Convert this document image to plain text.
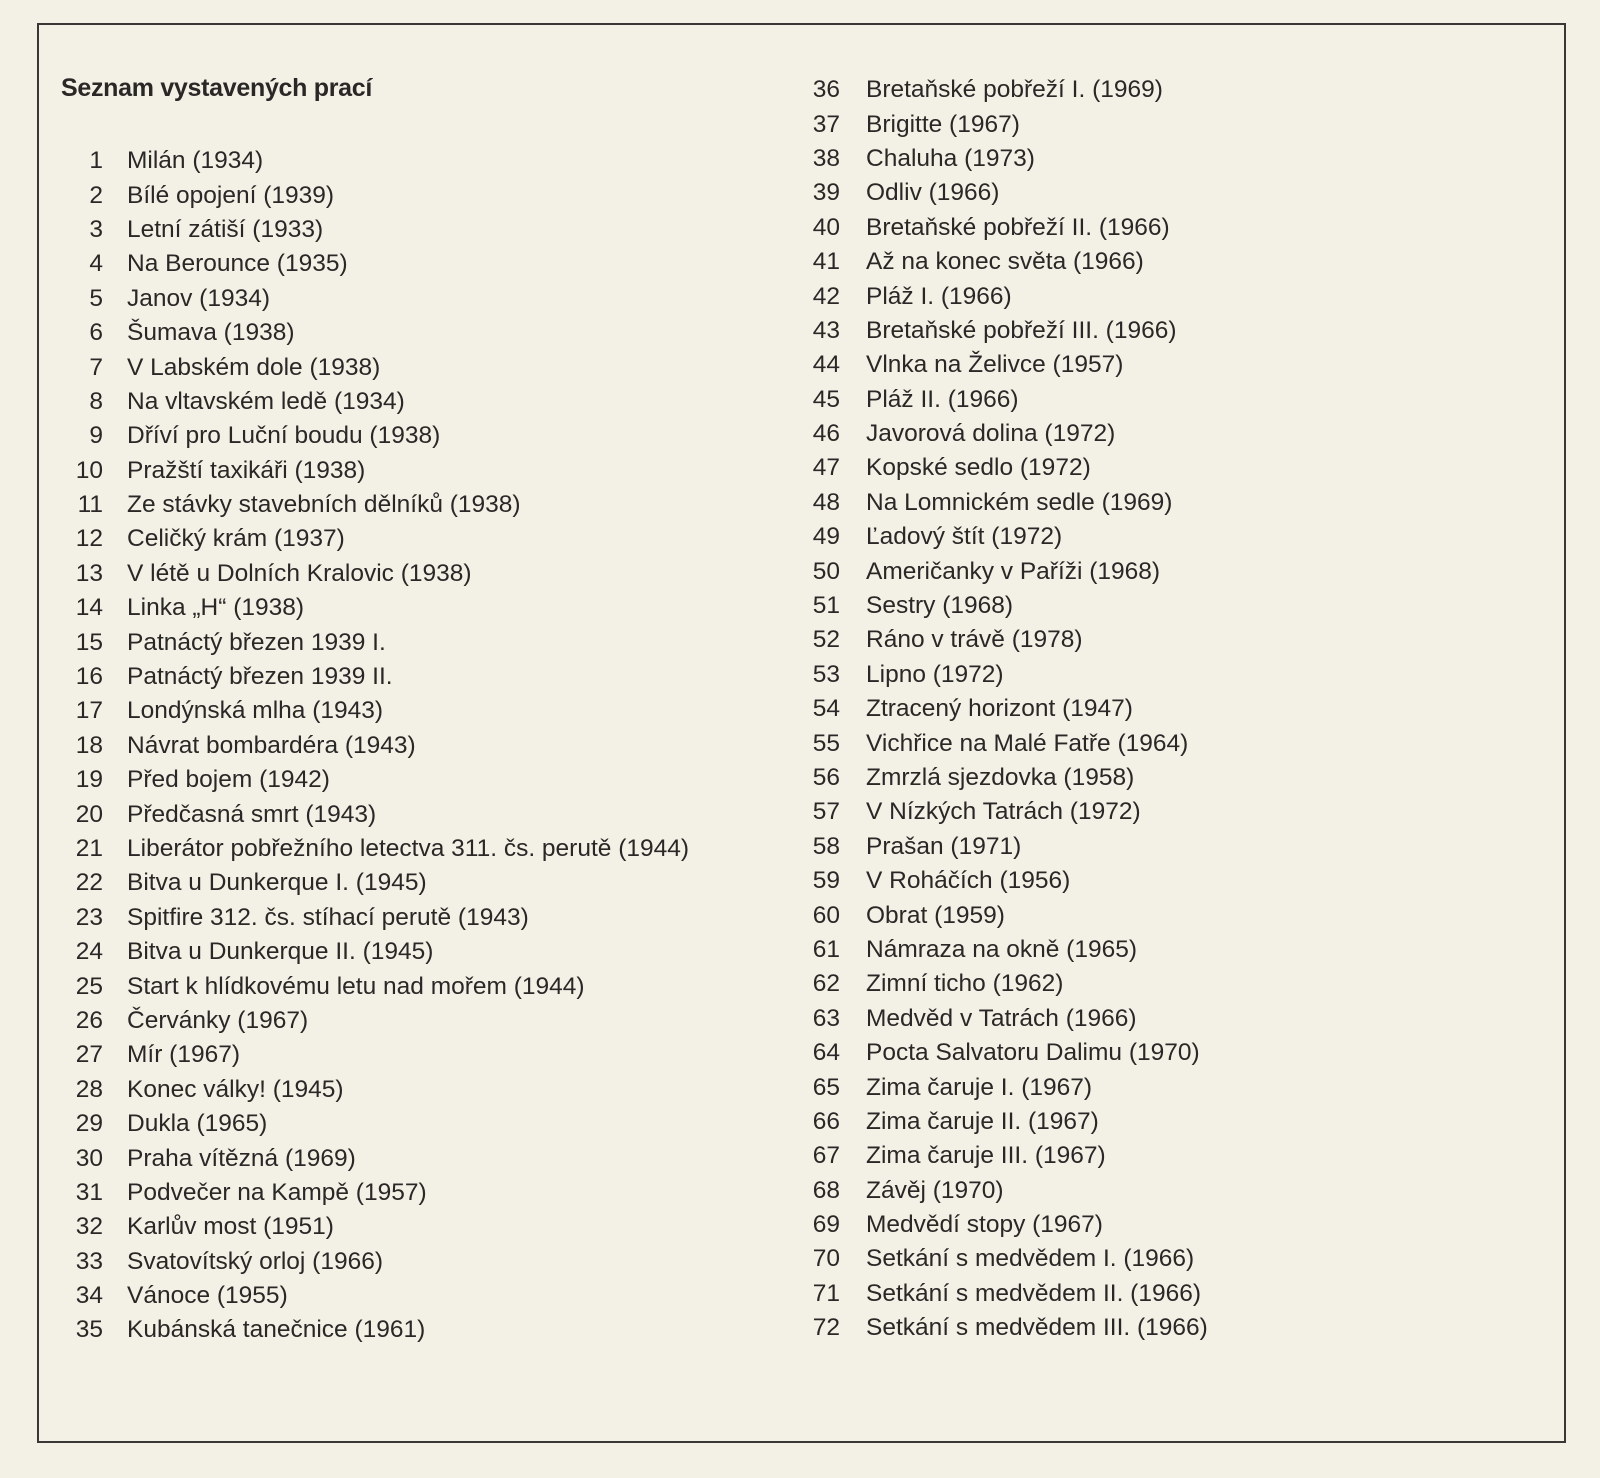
Seznam vystavených prací
1 Milán (1934)
2 Bílé opojení (1939)
3 Letní zátiší (1933)
4 Na Berounce (1935)
5 Janov (1934)
6 Šumava (1938)
7 V Labském dole (1938)
8 Na vltavském ledě (1934)
9 Dříví pro Luční boudu (1938)
10 Pražští taxikáři (1938)
11 Ze stávky stavebních dělníků (1938)
12 Celičký krám (1937)
13 V létě u Dolních Kralovic (1938)
14 Linka „H“ (1938)
15 Patnáctý březen 1939 I.
16 Patnáctý březen 1939 II.
17 Londýnská mlha (1943)
18 Návrat bombardéra (1943)
19 Před bojem (1942)
20 Předčasná smrt (1943)
21 Liberátor pobřežního letectva 311. čs. perutě (1944)
22 Bitva u Dunkerque I. (1945)
23 Spitfire 312. čs. stíhací perutě (1943)
24 Bitva u Dunkerque II. (1945)
25 Start k hlídkovému letu nad mořem (1944)
26 Červánky (1967)
27 Mír (1967)
28 Konec války! (1945)
29 Dukla (1965)
30 Praha vítězná (1969)
31 Podvečer na Kampě (1957)
32 Karlův most (1951)
33 Svatovítský orloj (1966)
34 Vánoce (1955)
35 Kubánská tanečnice (1961)
36 Bretaňské pobřeží I. (1969)
37 Brigitte (1967)
38 Chaluha (1973)
39 Odliv (1966)
40 Bretaňské pobřeží II. (1966)
41 Až na konec světa (1966)
42 Pláž I. (1966)
43 Bretaňské pobřeží III. (1966)
44 Vlnka na Želivce (1957)
45 Pláž II. (1966)
46 Javorová dolina (1972)
47 Kopské sedlo (1972)
48 Na Lomnickém sedle (1969)
49 Ľadový štít (1972)
50 Američanky v Paříži (1968)
51 Sestry (1968)
52 Ráno v trávě (1978)
53 Lipno (1972)
54 Ztracený horizont (1947)
55 Vichřice na Malé Fatře (1964)
56 Zmrzlá sjezdovka (1958)
57 V Nízkých Tatrách (1972)
58 Prašan (1971)
59 V Roháčích (1956)
60 Obrat (1959)
61 Námraza na okně (1965)
62 Zimní ticho (1962)
63 Medvěd v Tatrách (1966)
64 Pocta Salvatoru Dalimu (1970)
65 Zima čaruje I. (1967)
66 Zima čaruje II. (1967)
67 Zima čaruje III. (1967)
68 Závěj (1970)
69 Medvědí stopy (1967)
70 Setkání s medvědem I. (1966)
71 Setkání s medvědem II. (1966)
72 Setkání s medvědem III. (1966)
